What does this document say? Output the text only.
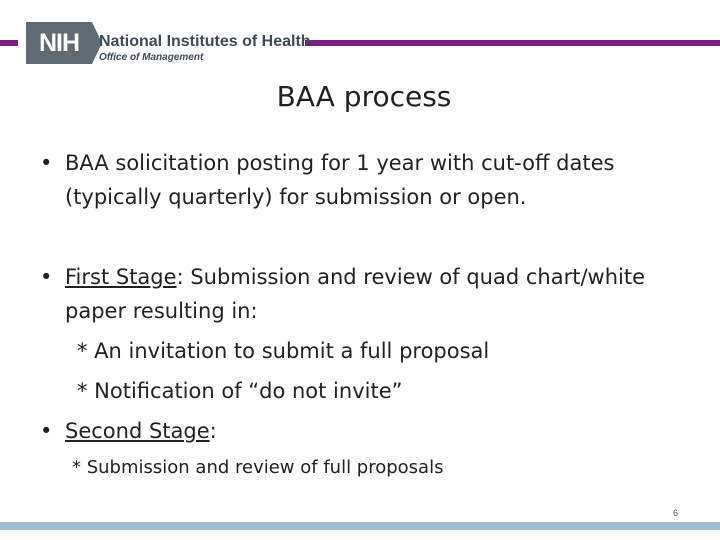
NIH	National Institutes of Health
Office of Management
BAA process
• BAA solicitation posting for 1 year with cut-off dates (typically quarterly) for submission or open.
• First Stage: Submission and review of quad chart/white paper resulting in:
* An invitation to submit a full proposal
* Notification of “do not invite”
• Second Stage:
* Submission and review of full proposals
6
